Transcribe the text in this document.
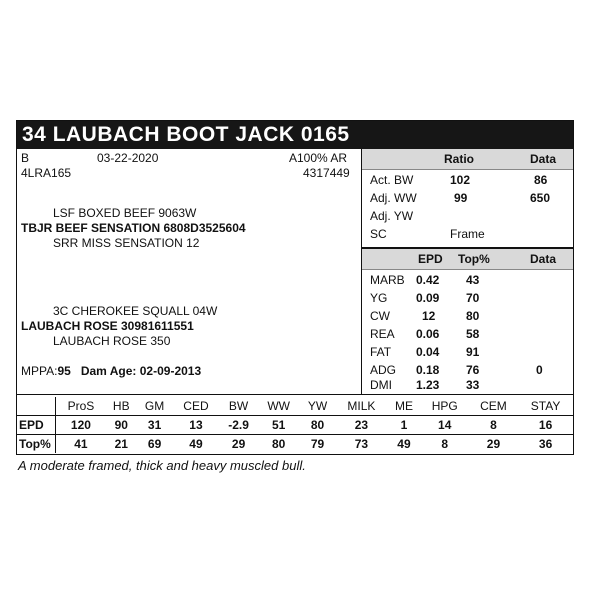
34 LAUBACH BOOT JACK 0165
B	03-22-2020	A100% AR
4LRA165	4317449
LSF BOXED BEEF 9063W
TBJR BEEF SENSATION 6808D3525604
SRR MISS SENSATION 12
3C CHEROKEE SQUALL 04W
LAUBACH ROSE 30981611551
LAUBACH ROSE 350
MPPA:95 Dam Age: 02-09-2013
Ratio	Data
Act. BW	102	86
Adj. WW	99	650
Adj. YW
SC	Frame
EPD Top%	Data
MARB 0.42 43
YG 0.09 70
CW	12	80
REA 0.06 58
FAT 0.04 91
ADG 0.18 76	0
DMI 1.23 33
	ProS	HB	GM	CED	BW	WW	YW	MILK	ME	HPG	CEM	STAY
EPD	120	90	31	13	-2.9	51	80	23	1	14	8	16
Top%	41	21	69	49	29	80	79	73	49	8	29	36
A moderate framed, thick and heavy muscled bull.
